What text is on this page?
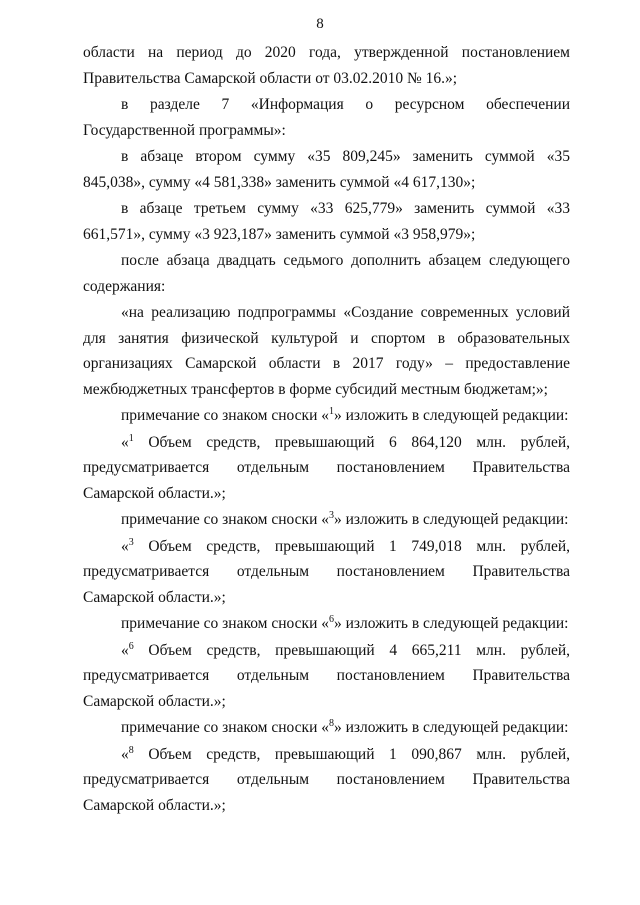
8

области на период до 2020 года, утвержденной постановлением Правительства Самарской области от 03.02.2010 № 16.»;

в разделе 7 «Информация о ресурсном обеспечении Государственной программы»:

в абзаце втором сумму «35 809,245» заменить суммой «35 845,038», сумму «4 581,338» заменить суммой «4 617,130»;

в абзаце третьем сумму «33 625,779» заменить суммой «33 661,571», сумму «3 923,187» заменить суммой «3 958,979»;

после абзаца двадцать седьмого дополнить абзацем следующего содержания:

«на реализацию подпрограммы «Создание современных условий для занятия физической культурой и спортом в образовательных организациях Самарской области в 2017 году» – предоставление межбюджетных трансфертов в форме субсидий местным бюджетам;»;

примечание со знаком сноски «$^1$» изложить в следующей редакции:

«$^1$ Объем средств, превышающий 6 864,120 млн. рублей, предусматривается отдельным постановлением Правительства Самарской области.»;

примечание со знаком сноски «$^3$» изложить в следующей редакции:

«$^3$ Объем средств, превышающий 1 749,018 млн. рублей, предусматривается отдельным постановлением Правительства Самарской области.»;

примечание со знаком сноски «$^6$» изложить в следующей редакции:

«$^6$ Объем средств, превышающий 4 665,211 млн. рублей, предусматривается отдельным постановлением Правительства Самарской области.»;

примечание со знаком сноски «$^8$» изложить в следующей редакции:

«$^8$ Объем средств, превышающий 1 090,867 млн. рублей, предусматривается отдельным постановлением Правительства Самарской области.»;
